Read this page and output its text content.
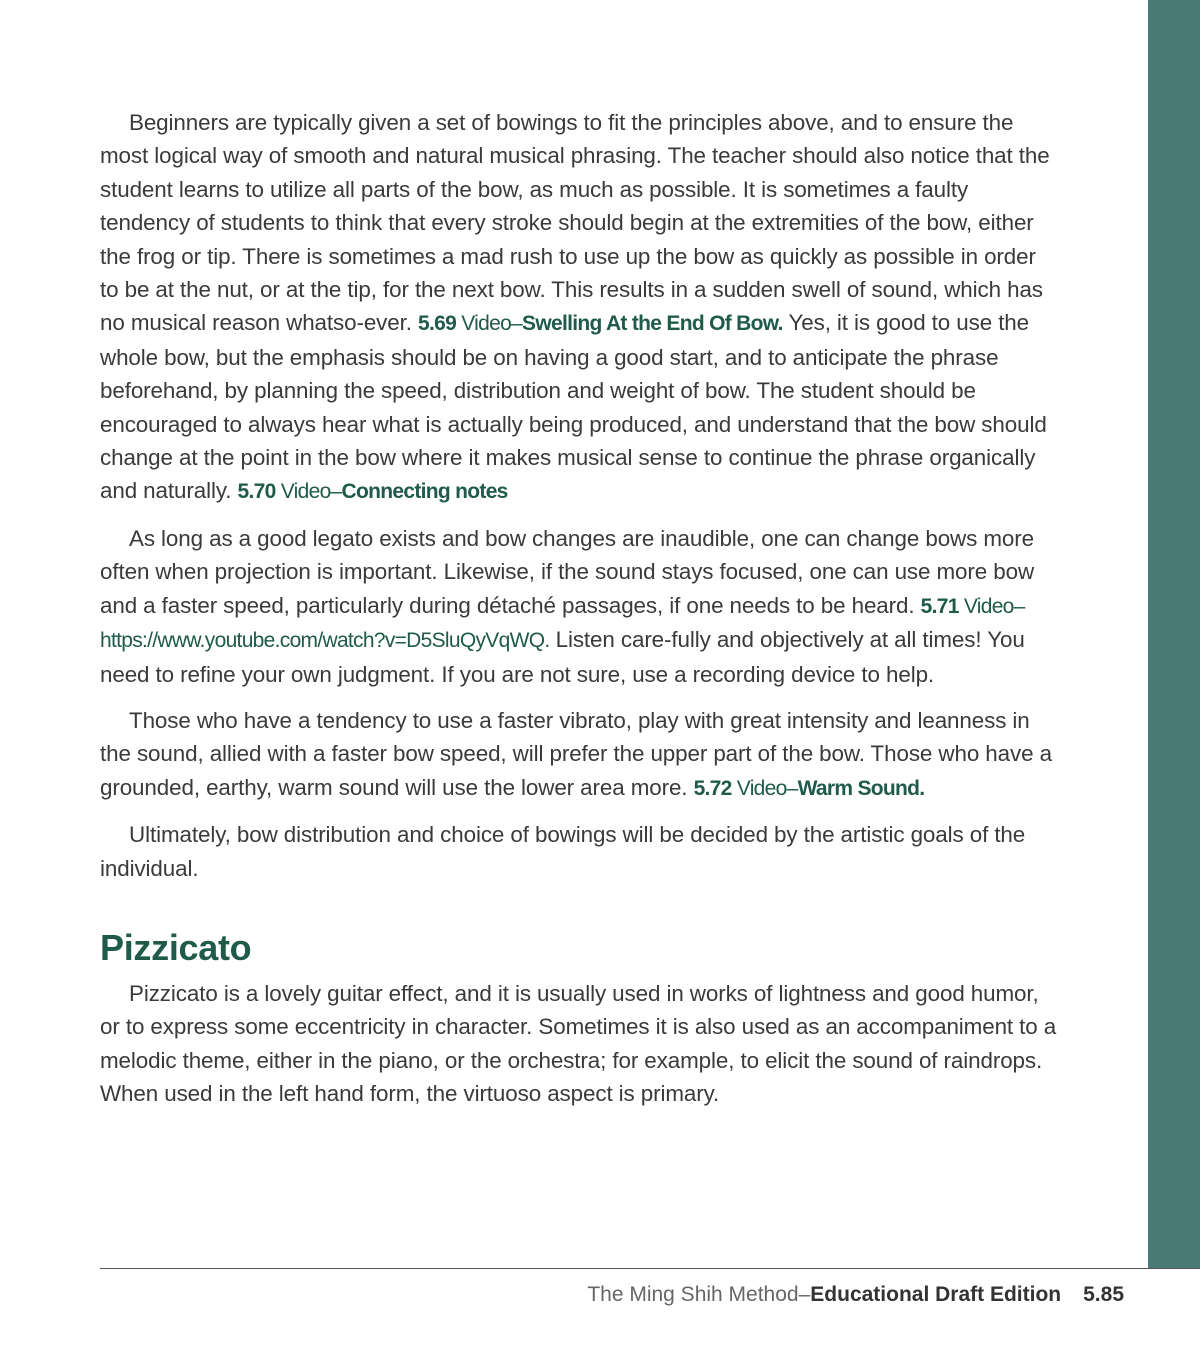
Beginners are typically given a set of bowings to fit the principles above, and to ensure the most logical way of smooth and natural musical phrasing. The teacher should also notice that the student learns to utilize all parts of the bow, as much as possible. It is sometimes a faulty tendency of students to think that every stroke should begin at the extremities of the bow, either the frog or tip. There is sometimes a mad rush to use up the bow as quickly as possible in order to be at the nut, or at the tip, for the next bow. This results in a sudden swell of sound, which has no musical reason whatso-ever. 5.69 Video–Swelling At the End Of Bow. Yes, it is good to use the whole bow, but the emphasis should be on having a good start, and to anticipate the phrase beforehand, by planning the speed, distribution and weight of bow. The student should be encouraged to always hear what is actually being produced, and understand that the bow should change at the point in the bow where it makes musical sense to continue the phrase organically and naturally. 5.70 Video–Connecting notes

As long as a good legato exists and bow changes are inaudible, one can change bows more often when projection is important. Likewise, if the sound stays focused, one can use more bow and a faster speed, particularly during détaché passages, if one needs to be heard. 5.71 Video–https://www.youtube.com/watch?v=D5SluQyVqWQ. Listen care-fully and objectively at all times! You need to refine your own judgment. If you are not sure, use a recording device to help.

Those who have a tendency to use a faster vibrato, play with great intensity and leanness in the sound, allied with a faster bow speed, will prefer the upper part of the bow. Those who have a grounded, earthy, warm sound will use the lower area more. 5.72 Video–Warm Sound.

Ultimately, bow distribution and choice of bowings will be decided by the artistic goals of the individual.

Pizzicato

Pizzicato is a lovely guitar effect, and it is usually used in works of lightness and good humor, or to express some eccentricity in character. Sometimes it is also used as an accompaniment to a melodic theme, either in the piano, or the orchestra; for example, to elicit the sound of raindrops. When used in the left hand form, the virtuoso aspect is primary.

The Ming Shih Method–Educational Draft Edition 5.85
